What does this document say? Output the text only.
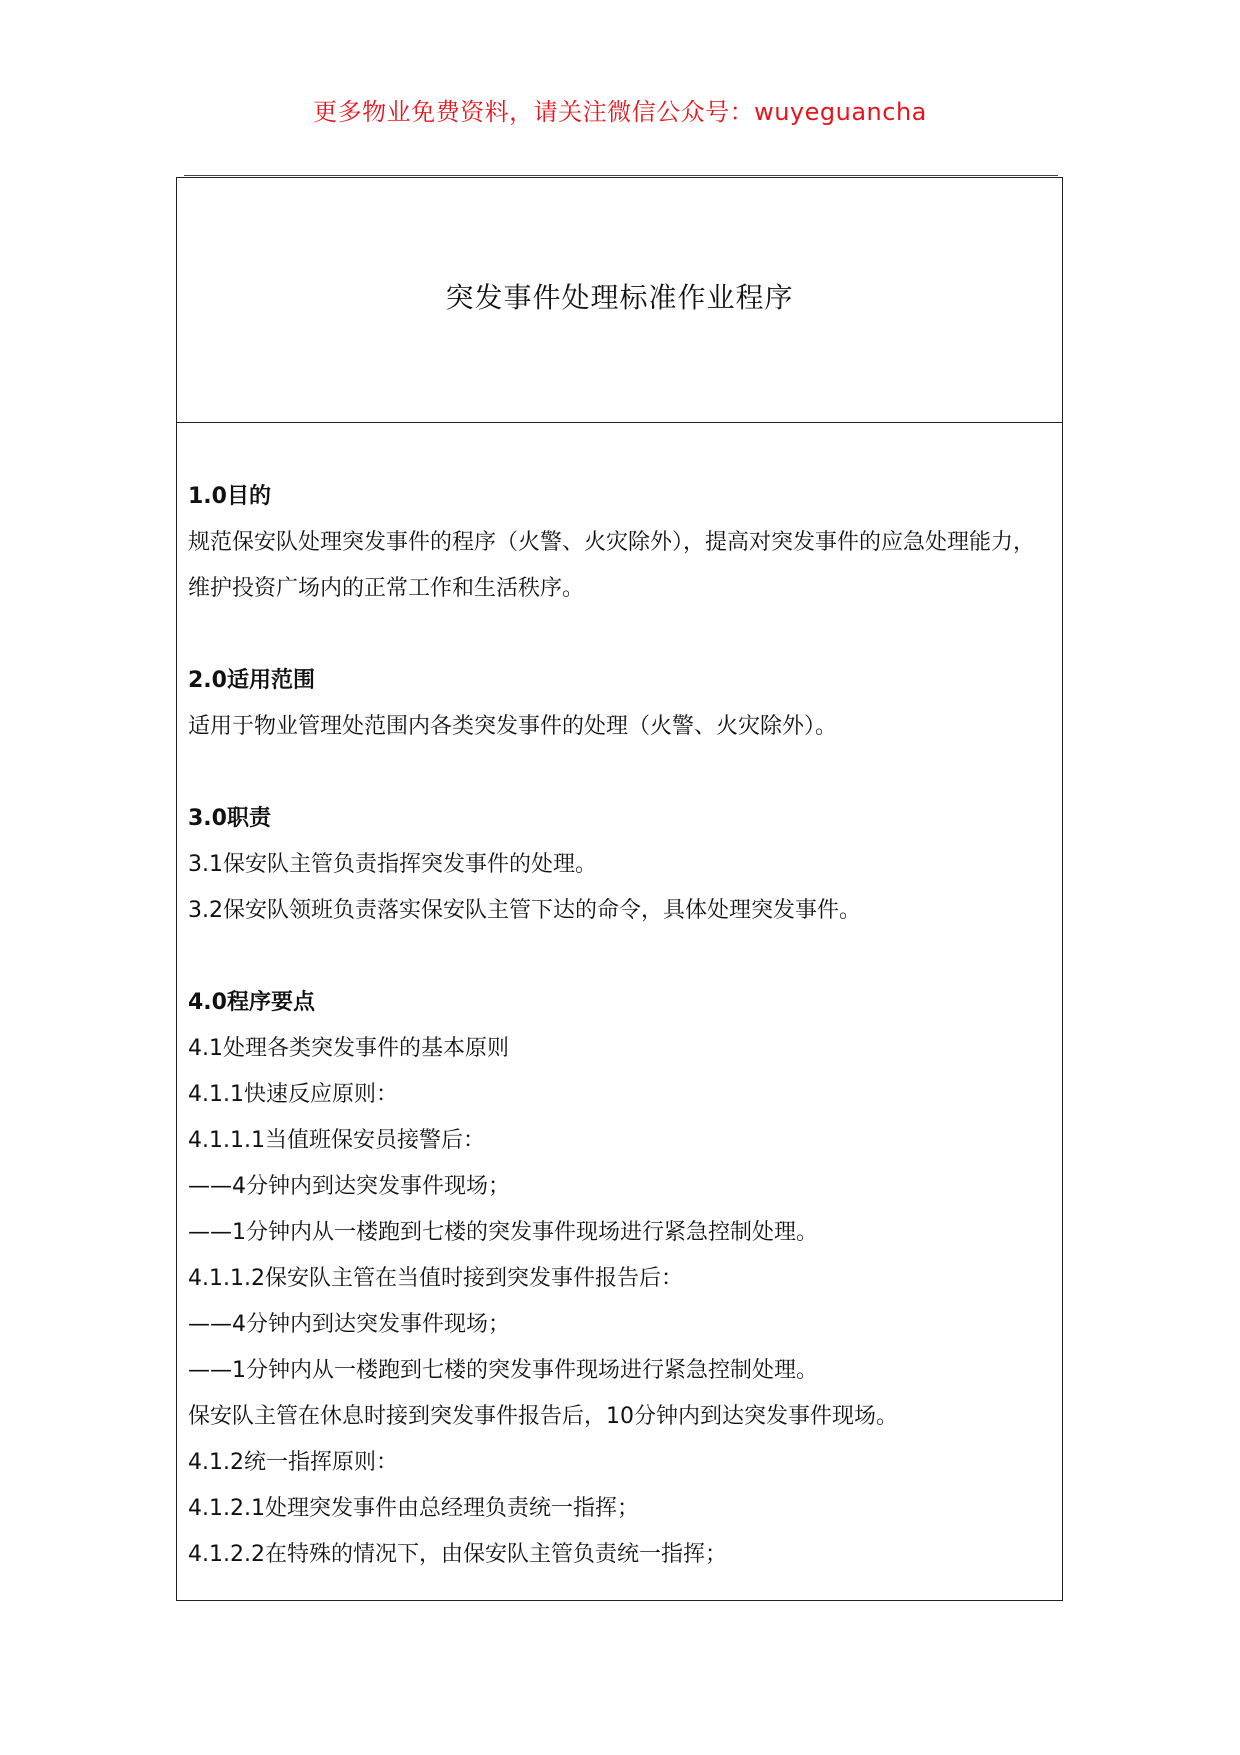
更多物业免费资料，请关注微信公众号：wuyeguancha
突发事件处理标准作业程序

1.0目的

规范保安队处理突发事件的程序（火警、火灾除外），提高对突发事件的应急处理能力，维护投资广场内的正常工作和生活秩序。

2.0适用范围

适用于物业管理处范围内各类突发事件的处理（火警、火灾除外）。

3.0职责

3.1保安队主管负责指挥突发事件的处理。

3.2保安队领班负责落实保安队主管下达的命令，具体处理突发事件。

4.0程序要点

4.1处理各类突发事件的基本原则

4.1.1快速反应原则：

4.1.1.1当值班保安员接警后：

——4分钟内到达突发事件现场；

——1分钟内从一楼跑到七楼的突发事件现场进行紧急控制处理。

4.1.1.2保安队主管在当值时接到突发事件报告后：

——4分钟内到达突发事件现场；

——1分钟内从一楼跑到七楼的突发事件现场进行紧急控制处理。

保安队主管在休息时接到突发事件报告后，10分钟内到达突发事件现场。

4.1.2统一指挥原则：

4.1.2.1处理突发事件由总经理负责统一指挥；

4.1.2.2在特殊的情况下，由保安队主管负责统一指挥；
